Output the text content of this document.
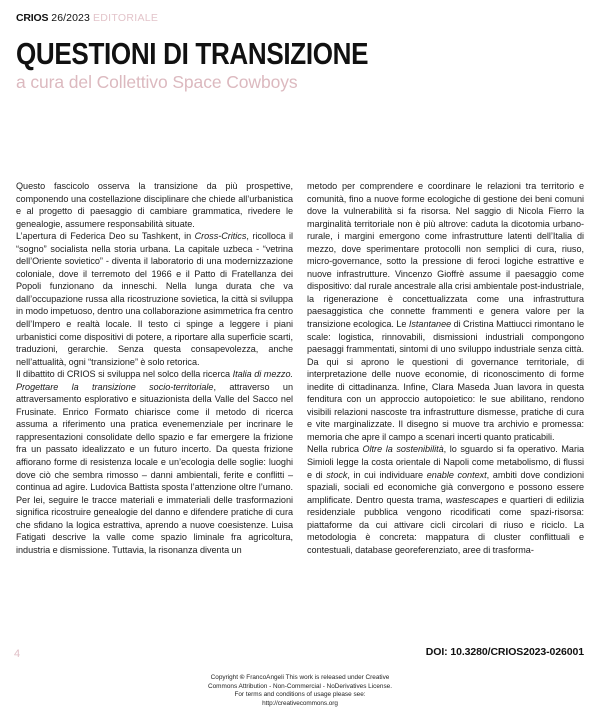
CRIOS 26/2023 EDITORIALE
QUESTIONI DI TRANSIZIONE
a cura del Collettivo Space Cowboys

Questo fascicolo osserva la transizione da più prospettive, componendo una costellazione disciplinare che chiede all’urbanistica e al progetto di paesaggio di cambiare grammatica, rivedere le genealogie, assumere responsabilità situate.

L’apertura di Federica Deo su Tashkent, in Cross-Critics, ricolloca il “sogno” socialista nella storia urbana. La capitale uzbeca - “vetrina dell’Oriente sovietico” - diventa il laboratorio di una modernizzazione coloniale, dove il terremoto del 1966 e il Patto di Fratellanza dei Popoli funzionano da inneschi. Nella lunga durata che va dall’occupazione russa alla ricostruzione sovietica, la città si sviluppa in modo impetuoso, dentro una collaborazione asimmetrica fra centro dell’Impero e realtà locale. Il testo ci spinge a leggere i piani urbanistici come dispositivi di potere, a riportare alla superficie scarti, traduzioni, gerarchie. Senza questa consapevolezza, anche nell’attualità, ogni “transizione” è solo retorica.

Il dibattito di CRIOS si sviluppa nel solco della ricerca Italia di mezzo. Progettare la transizione socio-territoriale, attraverso un attraversamento esplorativo e situazionista della Valle del Sacco nel Frusinate. Enrico Formato chiarisce come il metodo di ricerca assuma a riferimento una pratica evenemenziale per incrinare le rappresentazioni consolidate dello spazio e far emergere la frizione fra un passato idealizzato e un futuro incerto. Da questa frizione affiorano forme di resistenza locale e un’ecologia delle soglie: luoghi dove ciò che sembra rimosso – danni ambientali, ferite e conflitti – continua ad agire. Ludovica Battista sposta l’attenzione oltre l’umano. Per lei, seguire le tracce materiali e immateriali delle trasformazioni significa ricostruire genealogie del danno e difendere pratiche di cura che sfidano la logica estrattiva, aprendo a nuove coesistenze. Luisa Fatigati descrive la valle come spazio liminale fra agricoltura, industria e dismissione. Tuttavia, la risonanza diventa un

metodo per comprendere e coordinare le relazioni tra territorio e comunità, fino a nuove forme ecologiche di gestione dei beni comuni dove la vulnerabilità si fa risorsa. Nel saggio di Nicola Fierro la marginalità territoriale non è più altrove: caduta la dicotomia urbano-rurale, i margini emergono come infrastrutture latenti dell’Italia di mezzo, dove sperimentare protocolli non semplici di cura, riuso, micro-governance, sotto la pressione di feroci logiche estrattive e nuove infrastrutture. Vincenzo Gioffrè assume il paesaggio come dispositivo: dal rurale ancestrale alla crisi ambientale post-industriale, la rigenerazione è concettualizzata come una infrastruttura paesaggistica che connette frammenti e genera valore per la transizione ecologica. Le Istantanee di Cristina Mattiucci rimontano le scale: logistica, rinnovabili, dismissioni industriali compongono paesaggi frammentati, sintomi di uno sviluppo industriale senza città. Da qui si aprono le questioni di governance territoriale, di interpretazione delle nuove economie, di riconoscimento di forme inedite di cittadinanza. Infine, Clara Maseda Juan lavora in questa fenditura con un approccio autopoietico: le sue abilitano, rendono visibili relazioni nascoste tra infrastrutture dismesse, pratiche di cura e vite marginalizzate. Il disegno si muove tra archivio e promessa: memoria che apre il campo a scenari incerti quanto praticabili.

Nella rubrica Oltre la sostenibilità, lo sguardo si fa operativo. Maria Simioli legge la costa orientale di Napoli come metabolismo, di flussi e di stock, in cui individuare enable context, ambiti dove condizioni spaziali, sociali ed economiche già convergono e possono essere amplificate. Dentro questa trama, wastescapes e quartieri di edilizia residenziale pubblica vengono ricodificati come spazi-risorsa: piattaforme da cui attivare cicli circolari di riuso e riciclo. La metodologia è concreta: mappatura di cluster conflittuali e contestuali, database georeferenziato, aree di trasforma-

4	DOI: 10.3280/CRIOS2023-026001
Copyright © FrancoAngeli This work is released under Creative
Commons Attribution - Non-Commercial - NoDerivatives License.
For terms and conditions of usage please see:
http://creativecommons.org
